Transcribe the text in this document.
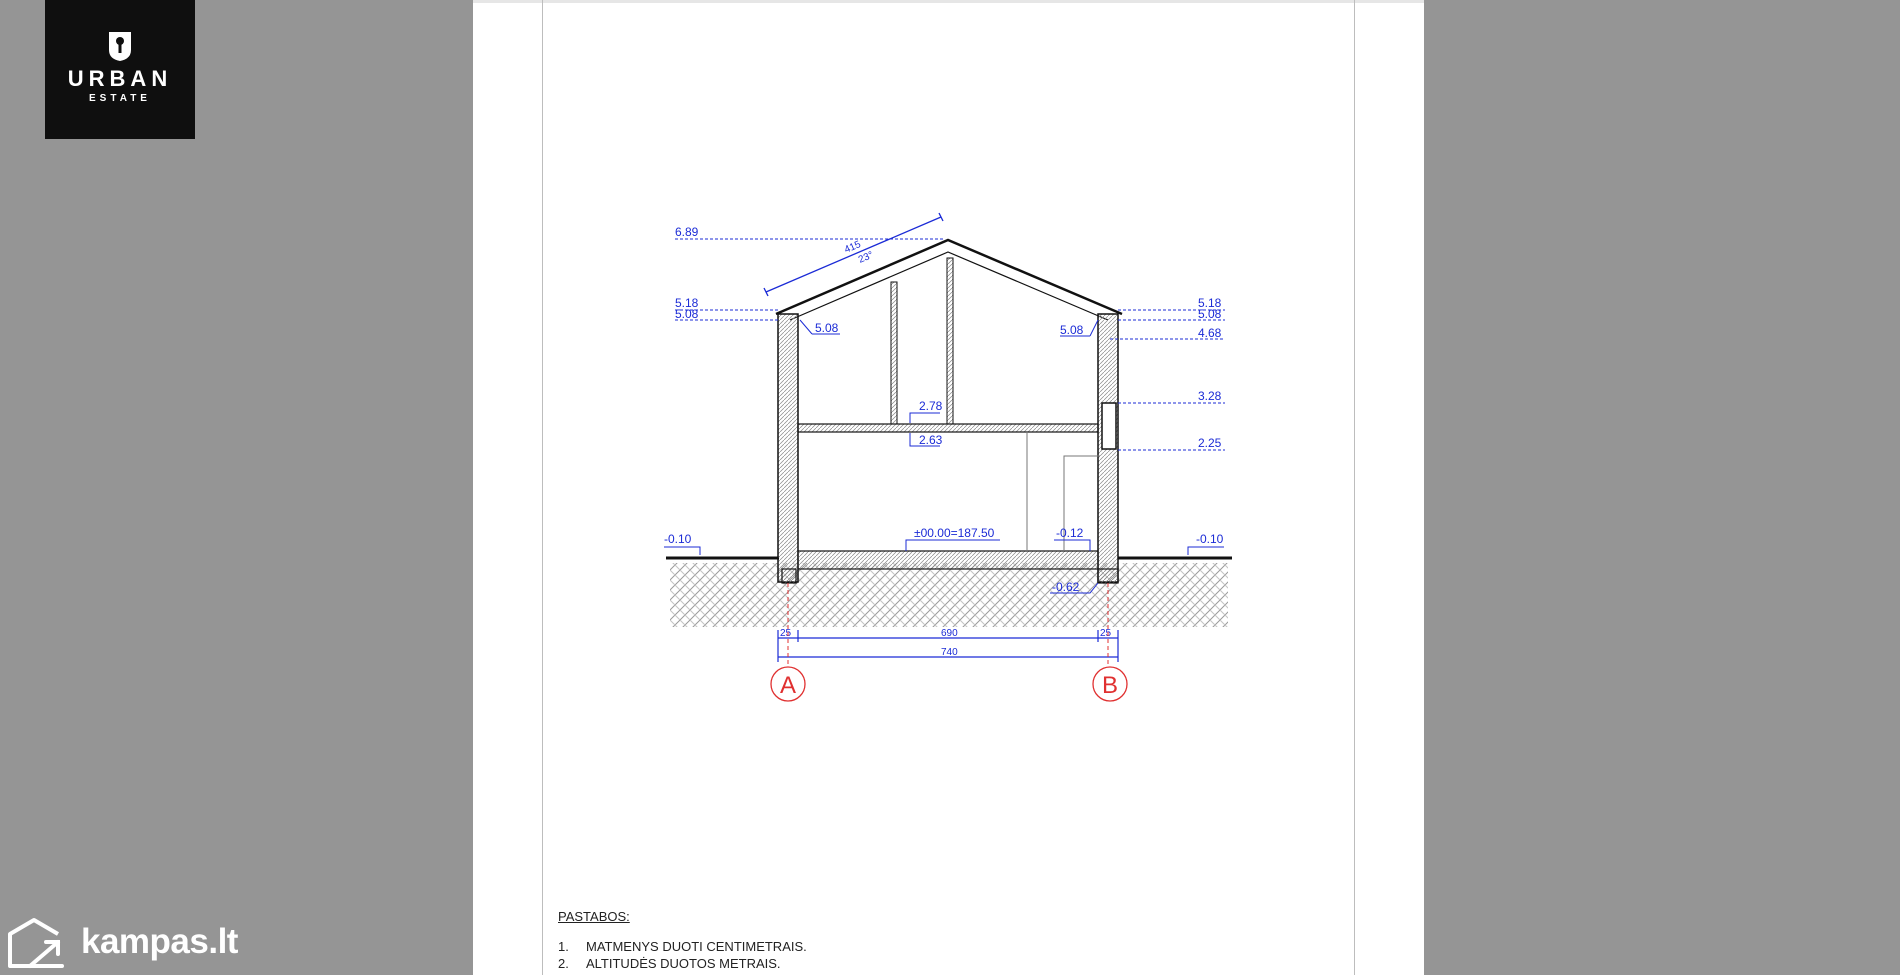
URBAN
ESTATE
415
23°
6.89
5.18
5.08
5.18
5.08
4.68
3.28
2.25
5.08	5.08
2.78
2.63
±00.00=187.50
-0.10	-0.10
-0.12
-0.62
690
740
25	25
A	B
PASTABOS:
1. MATMENYS DUOTI CENTIMETRAIS.
2. ALTITUDĖS DUOTOS METRAIS.
kampas.lt
